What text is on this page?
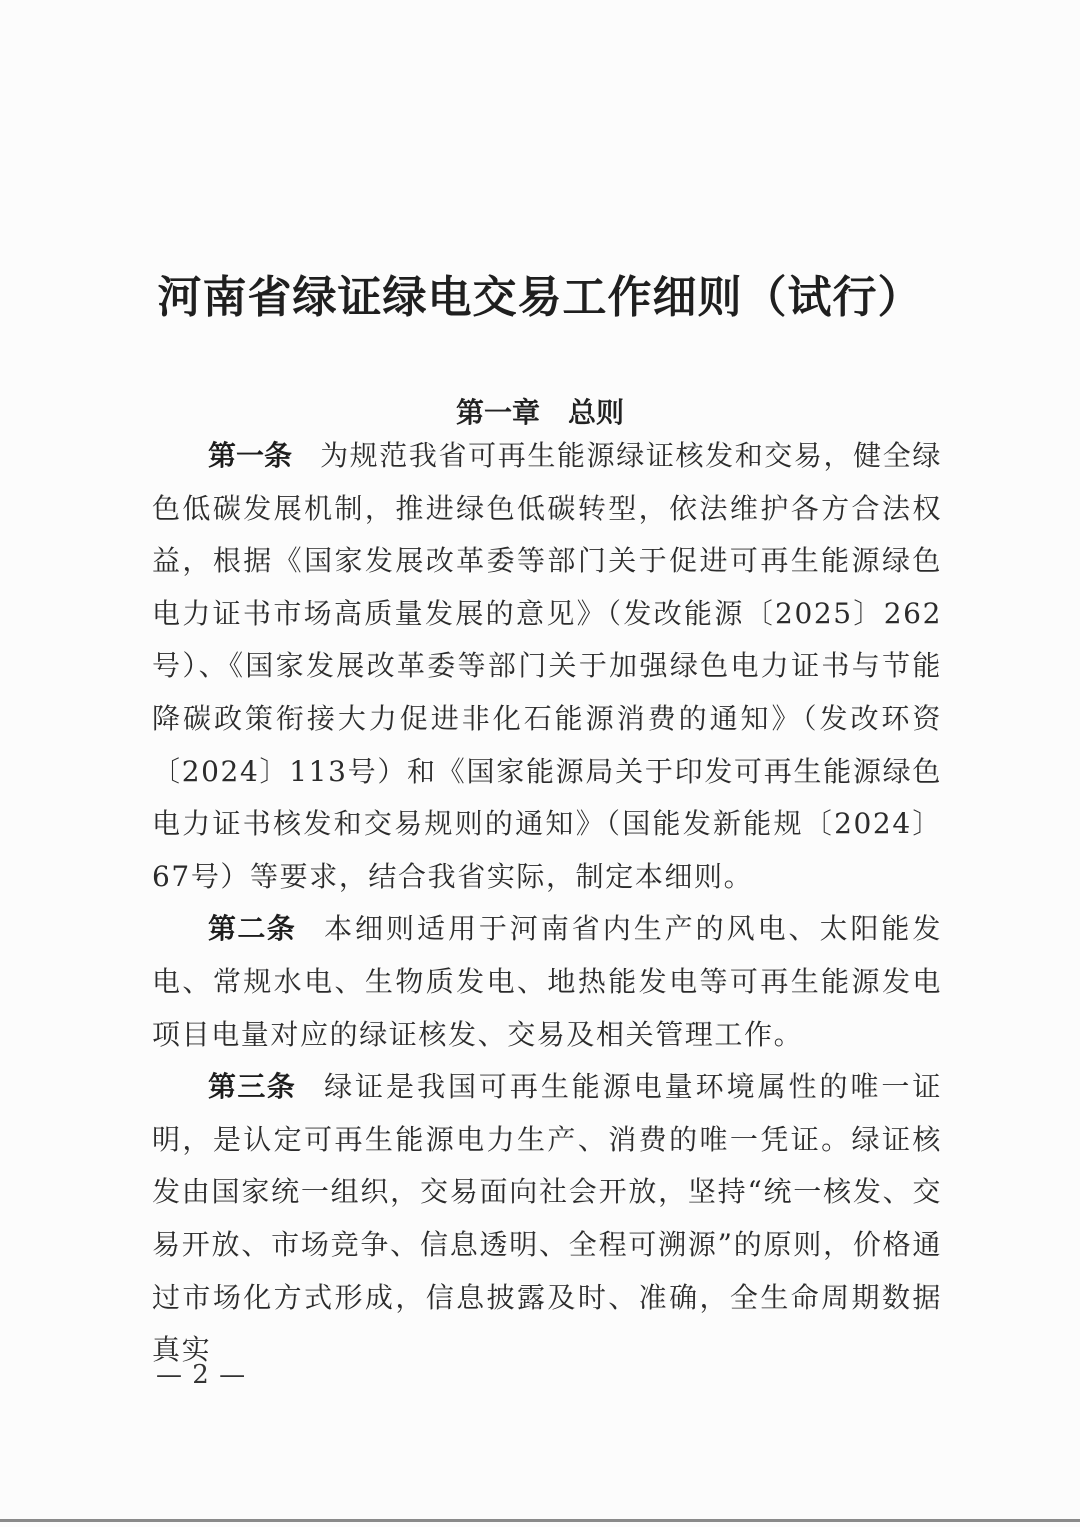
河南省绿证绿电交易工作细则（试行）
第一章　总则

第一条 为规范我省可再生能源绿证核发和交易，健全绿色低碳发展机制，推进绿色低碳转型，依法维护各方合法权益，根据《国家发展改革委等部门关于促进可再生能源绿色电力证书市场高质量发展的意见》（发改能源〔2025〕262号）、《国家发展改革委等部门关于加强绿色电力证书与节能降碳政策衔接大力促进非化石能源消费的通知》（发改环资〔2024〕113号）和《国家能源局关于印发可再生能源绿色电力证书核发和交易规则的通知》（国能发新能规〔2024〕67号）等要求，结合我省实际，制定本细则。

第二条 本细则适用于河南省内生产的风电、太阳能发电、常规水电、生物质发电、地热能发电等可再生能源发电项目电量对应的绿证核发、交易及相关管理工作。

第三条 绿证是我国可再生能源电量环境属性的唯一证明，是认定可再生能源电力生产、消费的唯一凭证。绿证核发由国家统一组织，交易面向社会开放，坚持“统一核发、交易开放、市场竞争、信息透明、全程可溯源”的原则，价格通过市场化方式形成，信息披露及时、准确，全生命周期数据真实

— 2 —
